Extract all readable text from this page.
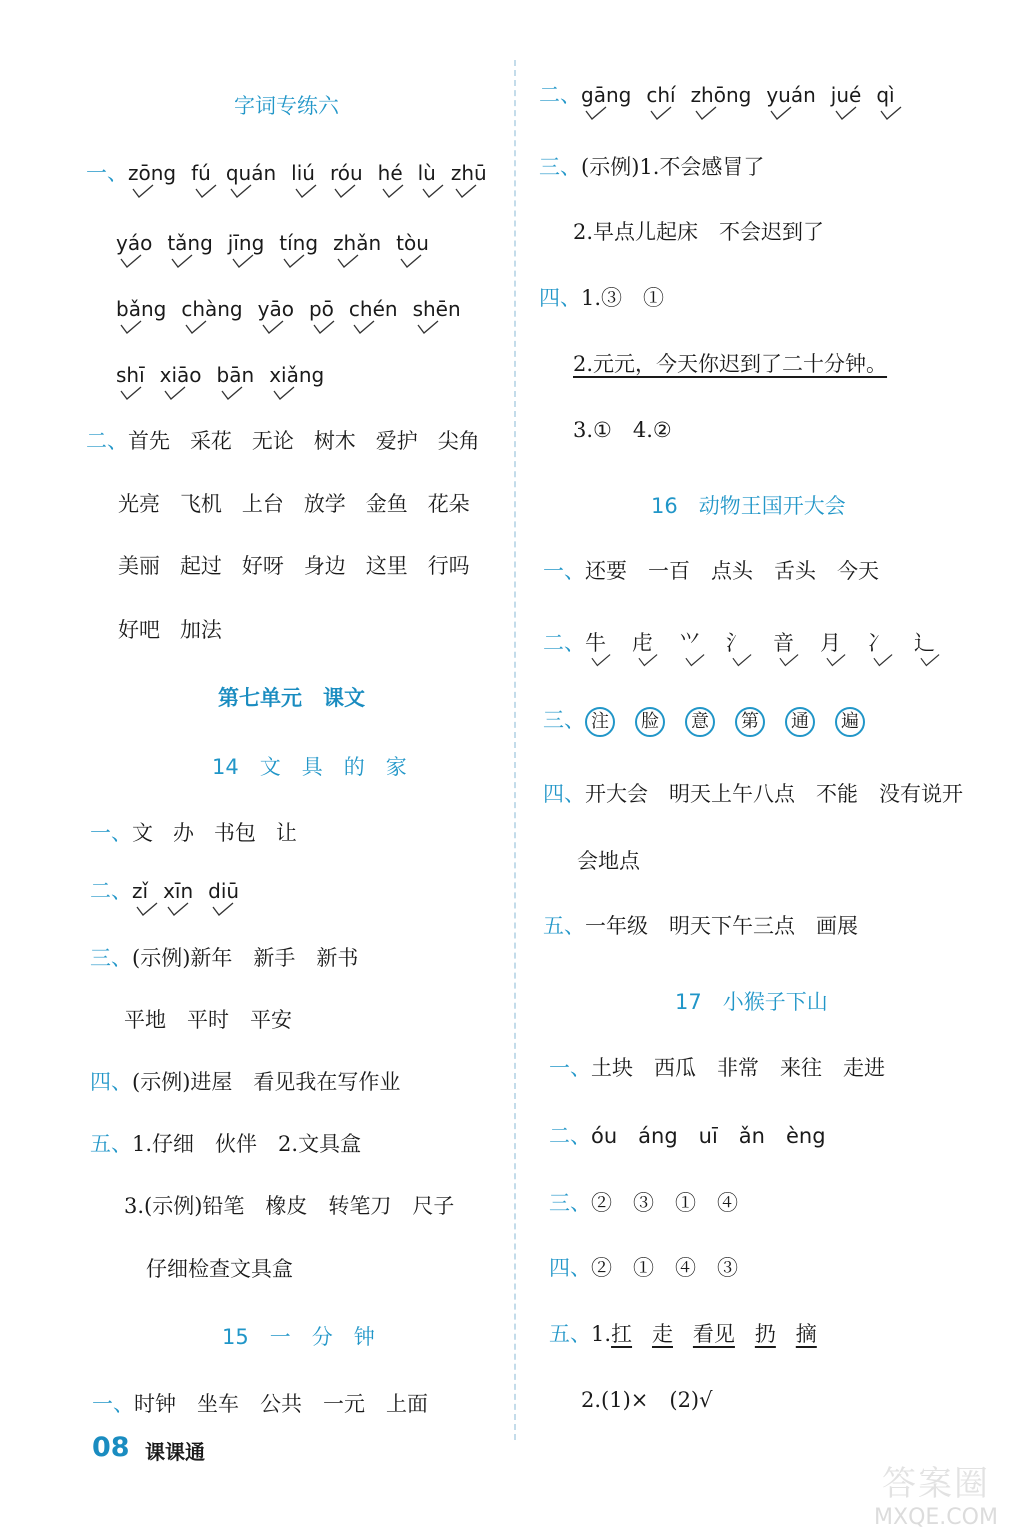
字词专练六
一、zōng fú quán liú róu hé lù zhū
yáo tǎng jīng tíng zhǎn tòu
bǎng chàng yāo pō chén shēn
shī xiāo bān xiǎng
二、首先 采花 无论 树木 爱护 尖角
光亮 飞机 上台 放学 金鱼 花朵
美丽 起过 好呀 身边 这里 行吗
好吧 加法
第七单元　课文
14　文　具　的　家
一、文 办 书包 让
二、zǐ xīn diū
三、(示例)新年　新手　新书
平地　平时　平安
四、(示例)进屋　看见我在写作业
五、1.仔细　伙伴　2.文具盒
3.(示例)铅笔　橡皮　转笔刀　尺子
仔细检查文具盒
15　一　分　钟
一、时钟　坐车　公共　一元　上面
08 课课通
二、gāng chí zhōng yuán jué qì
三、(示例)1.不会感冒了
2.早点儿起床　不会迟到了
四、1.③　①
2.元元，今天你迟到了二十分钟。
3.①　4.②
16　动物王国开大会
一、还要　一百　点头　舌头　今天
二、牛 虍 ⺍ 氵 音 月 冫 辶
三、 注 脸 意 第 通 遍
四、开大会　明天上午八点　不能　没有说开
会地点
五、一年级　明天下午三点　画展
17　小猴子下山
一、土块　西瓜　非常　来往　走进
二、óu　áng　uī　ǎn　èng
三、②　③　①　④
四、②　①　④　③
五、1.扛 走 看见 扔 摘
2.(1)×　(2)√
答案圈
MXQE.COM
